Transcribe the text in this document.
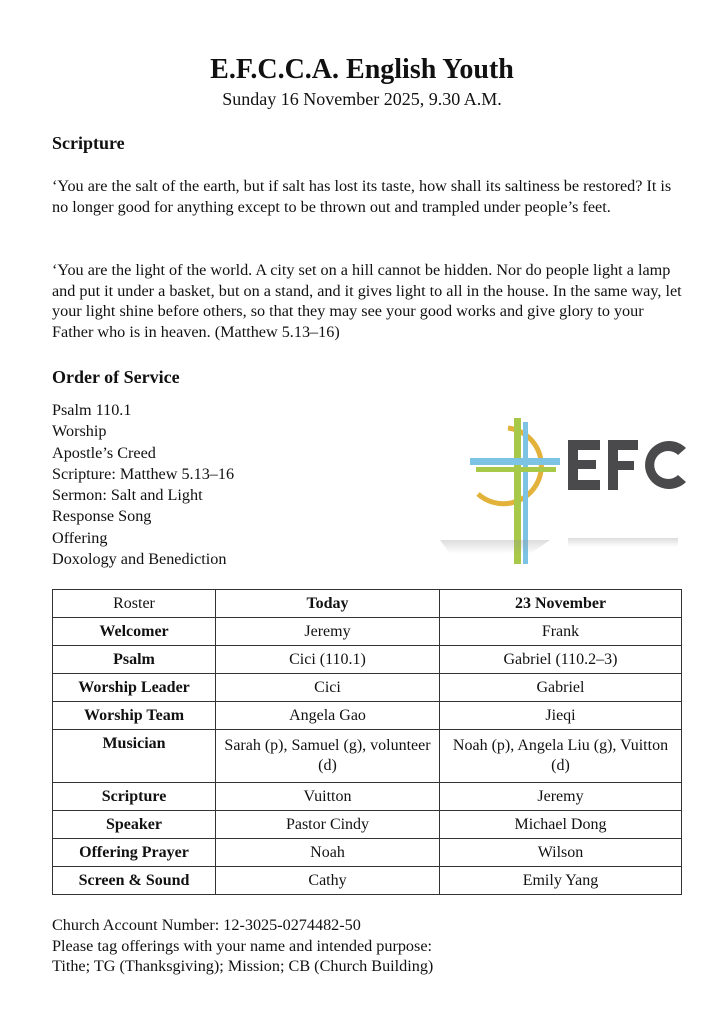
E.F.C.C.A. English Youth
Sunday 16 November 2025, 9.30 A.M.
Scripture

‘You are the salt of the earth, but if salt has lost its taste, how shall its saltiness be restored? It is no longer good for anything except to be thrown out and trampled under people’s feet.

‘You are the light of the world. A city set on a hill cannot be hidden. Nor do people light a lamp and put it under a basket, but on a stand, and it gives light to all in the house. In the same way, let your light shine before others, so that they may see your good works and give glory to your Father who is in heaven. (Matthew 5.13–16)

Order of Service
Psalm 110.1
Worship
Apostle’s Creed
Scripture: Matthew 5.13–16
Sermon: Salt and Light
Response Song
Offering
Doxology and Benediction
Roster	Today	23 November
Welcomer	Jeremy	Frank
Psalm	Cici (110.1)	Gabriel (110.2–3)
Worship Leader	Cici	Gabriel
Worship Team	Angela Gao	Jieqi
Musician	Sarah (p), Samuel (g), volunteer (d)	Noah (p), Angela Liu (g), Vuitton (d)
Scripture	Vuitton	Jeremy
Speaker	Pastor Cindy	Michael Dong
Offering Prayer	Noah	Wilson
Screen & Sound	Cathy	Emily Yang
Church Account Number: 12-3025-0274482-50
Please tag offerings with your name and intended purpose:
Tithe; TG (Thanksgiving); Mission; CB (Church Building)
